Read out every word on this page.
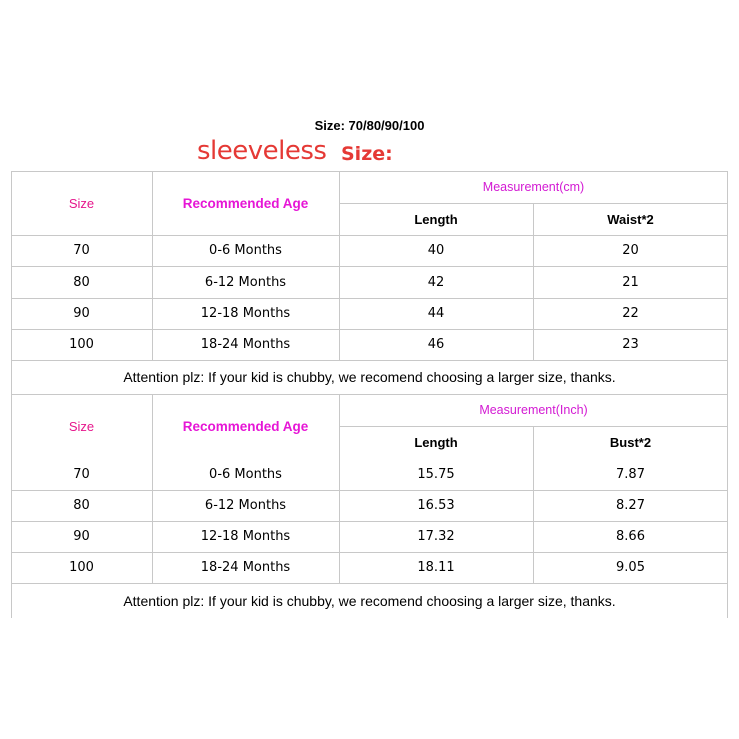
Size: 70/80/90/100
sleeveless Size:
Size	Recommended Age
Measurement(cm)
Length	Waist*2
70	0-6 Months	40	20
80	6-12 Months	42	21
90	12-18 Months	44	22
100	18-24 Months	46	23
Attention plz: If your kid is chubby, we recomend choosing a larger size, thanks.
Size	Recommended Age
Measurement(Inch)
Length	Bust*2
70	0-6 Months	15.75	7.87
80	6-12 Months	16.53	8.27
90	12-18 Months	17.32	8.66
100	18-24 Months	18.11	9.05
Attention plz: If your kid is chubby, we recomend choosing a larger size, thanks.
